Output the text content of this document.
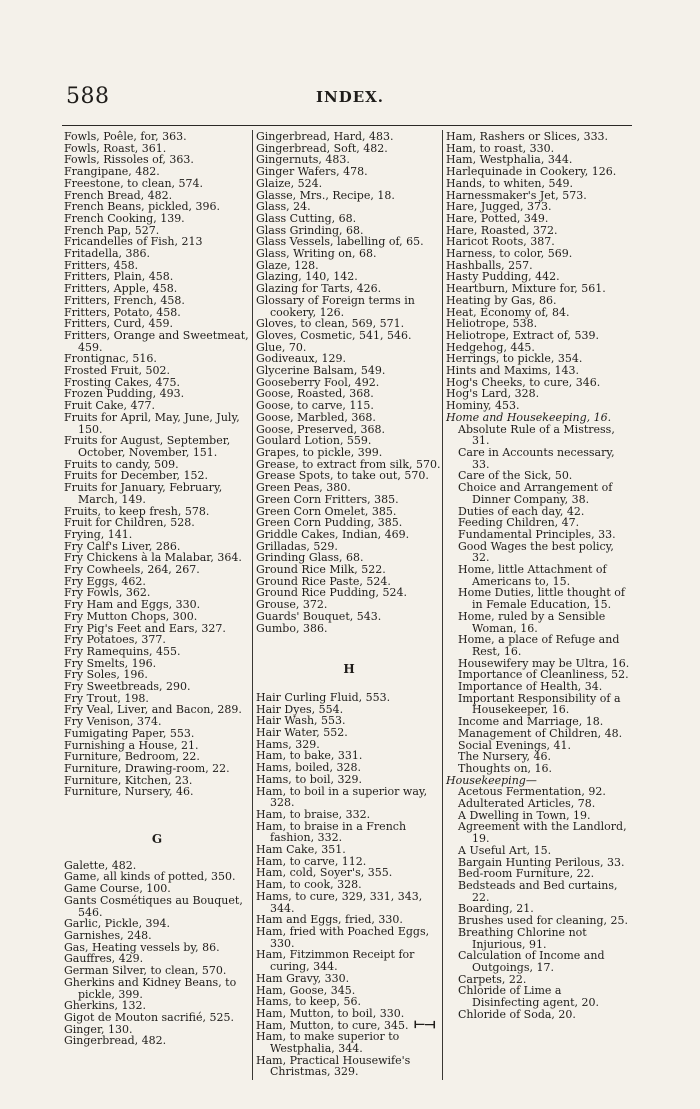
588	INDEX.
Fowls, Poêle, for, 363.
Fowls, Roast, 361.
Fowls, Rissoles of, 363.
Frangipane, 482.
Freestone, to clean, 574.
French Bread, 482.
French Beans, pickled, 396.
French Cooking, 139.
French Pap, 527.
Fricandelles of Fish, 213
Fritadella, 386.
Fritters, 458.
Fritters, Plain, 458.
Fritters, Apple, 458.
Fritters, French, 458.
Fritters, Potato, 458.
Fritters, Curd, 459.
Fritters, Orange and Sweetmeat, 459.
Frontignac, 516.
Frosted Fruit, 502.
Frosting Cakes, 475.
Frozen Pudding, 493.
Fruit Cake, 477.
Fruits for April, May, June, July, 150.
Fruits for August, September, October, November, 151.
Fruits to candy, 509.
Fruits for December, 152.
Fruits for January, February, March, 149.
Fruits, to keep fresh, 578.
Fruit for Children, 528.
Frying, 141.
Fry Calf's Liver, 286.
Fry Chickens à la Malabar, 364.
Fry Cowheels, 264, 267.
Fry Eggs, 462.
Fry Fowls, 362.
Fry Ham and Eggs, 330.
Fry Mutton Chops, 300.
Fry Pig's Feet and Ears, 327.
Fry Potatoes, 377.
Fry Ramequins, 455.
Fry Smelts, 196.
Fry Soles, 196.
Fry Sweetbreads, 290.
Fry Trout, 198.
Fry Veal, Liver, and Bacon, 289.
Fry Venison, 374.
Fumigating Paper, 553.
Furnishing a House, 21.
Furniture, Bedroom, 22.
Furniture, Drawing-room, 22.
Furniture, Kitchen, 23.
Furniture, Nursery, 46.
G
Galette, 482.
Game, all kinds of potted, 350.
Game Course, 100.
Gants Cosmétiques au Bouquet, 546.
Garlic, Pickle, 394.
Garnishes, 248.
Gas, Heating vessels by, 86.
Gauffres, 429.
German Silver, to clean, 570.
Gherkins and Kidney Beans, to pickle, 399.
Gherkins, 132.
Gigot de Mouton sacrifié, 525.
Ginger, 130.
Gingerbread, 482.
Gingerbread, Hard, 483.
Gingerbread, Soft, 482.
Gingernuts, 483.
Ginger Wafers, 478.
Glaize, 524.
Glasse, Mrs., Recipe, 18.
Glass, 24.
Glass Cutting, 68.
Glass Grinding, 68.
Glass Vessels, labelling of, 65.
Glass, Writing on, 68.
Glaze, 128.
Glazing, 140, 142.
Glazing for Tarts, 426.
Glossary of Foreign terms in cookery, 126.
Gloves, to clean, 569, 571.
Gloves, Cosmetic, 541, 546.
Glue, 70.
Godiveaux, 129.
Glycerine Balsam, 549.
Gooseberry Fool, 492.
Goose, Roasted, 368.
Goose, to carve, 115.
Goose, Marbled, 368.
Goose, Preserved, 368.
Goulard Lotion, 559.
Grapes, to pickle, 399.
Grease, to extract from silk, 570.
Grease Spots, to take out, 570.
Green Peas, 380.
Green Corn Fritters, 385.
Green Corn Omelet, 385.
Green Corn Pudding, 385.
Griddle Cakes, Indian, 469.
Grilladas, 529.
Grinding Glass, 68.
Ground Rice Milk, 522.
Ground Rice Paste, 524.
Ground Rice Pudding, 524.
Grouse, 372.
Guards' Bouquet, 543.
Gumbo, 386.
H
Hair Curling Fluid, 553.
Hair Dyes, 554.
Hair Wash, 553.
Hair Water, 552.
Hams, 329.
Ham, to bake, 331.
Hams, boiled, 328.
Hams, to boil, 329.
Ham, to boil in a superior way, 328.
Ham, to braise, 332.
Ham, to braise in a French fashion, 332.
Ham Cake, 351.
Ham, to carve, 112.
Ham, cold, Soyer's, 355.
Ham, to cook, 328.
Hams, to cure, 329, 331, 343, 344.
Ham and Eggs, fried, 330.
Ham, fried with Poached Eggs, 330.
Ham, Fitzimmon Receipt for curing, 344.
Ham Gravy, 330.
Ham, Goose, 345.
Hams, to keep, 56.
Ham, Mutton, to boil, 330.
Ham, Mutton, to cure, 345.
Ham, to make superior to Westphalia, 344.
Ham, Practical Housewife's Christmas, 329.
Ham, Rashers or Slices, 333.
Ham, to roast, 330.
Ham, Westphalia, 344.
Harlequinade in Cookery, 126.
Hands, to whiten, 549.
Harnessmaker's Jet, 573.
Hare, Jugged, 373.
Hare, Potted, 349.
Hare, Roasted, 372.
Haricot Roots, 387.
Harness, to color, 569.
Hashballs, 257.
Hasty Pudding, 442.
Heartburn, Mixture for, 561.
Heating by Gas, 86.
Heat, Economy of, 84.
Heliotrope, 538.
Heliotrope, Extract of, 539.
Hedgehog, 445.
Herrings, to pickle, 354.
Hints and Maxims, 143.
Hog's Cheeks, to cure, 346.
Hog's Lard, 328.
Hominy, 453.
Home and Housekeeping, 16.
Absolute Rule of a Mistress, 31.
Care in Accounts necessary, 33.
Care of the Sick, 50.
Choice and Arrangement of Dinner Company, 38.
Duties of each day, 42.
Feeding Children, 47.
Fundamental Principles, 33.
Good Wages the best policy, 32.
Home, little Attachment of Americans to, 15.
Home Duties, little thought of in Female Education, 15.
Home, ruled by a Sensible Woman, 16.
Home, a place of Refuge and Rest, 16.
Housewifery may be Ultra, 16.
Importance of Cleanliness, 52.
Importance of Health, 34.
Important Responsibility of a Housekeeper, 16.
Income and Marriage, 18.
Management of Children, 48.
Social Evenings, 41.
The Nursery, 46.
Thoughts on, 16.
Housekeeping—
Acetous Fermentation, 92.
Adulterated Articles, 78.
A Dwelling in Town, 19.
Agreement with the Landlord, 19.
A Useful Art, 15.
Bargain Hunting Perilous, 33.
Bed-room Furniture, 22.
Bedsteads and Bed curtains, 22.
Boarding, 21.
Brushes used for cleaning, 25.
Breathing Chlorine not Injurious, 91.
Calculation of Income and Outgoings, 17.
Carpets, 22.
Chloride of Lime a Disinfecting agent, 20.
Chloride of Soda, 20.
⟝⟞
